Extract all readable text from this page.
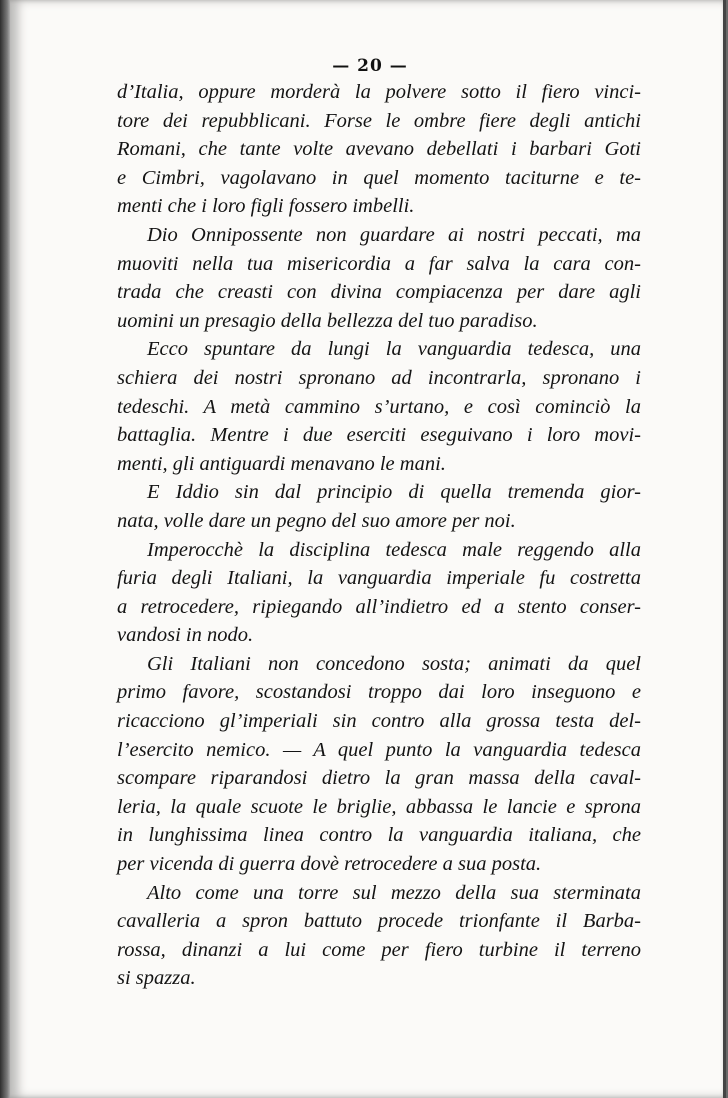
— 20 —
d’Italia, oppure morderà la polvere sotto il fiero vinci-
tore dei repubblicani. Forse le ombre fiere degli antichi
Romani, che tante volte avevano debellati i barbari Goti
e Cimbri, vagolavano in quel momento taciturne e te-
menti che i loro figli fossero imbelli.
Dio Onnipossente non guardare ai nostri peccati, ma
muoviti nella tua misericordia a far salva la cara con-
trada che creasti con divina compiacenza per dare agli
uomini un presagio della bellezza del tuo paradiso.
Ecco spuntare da lungi la vanguardia tedesca, una
schiera dei nostri spronano ad incontrarla, spronano i
tedeschi. A metà cammino s’urtano, e così cominciò la
battaglia. Mentre i due eserciti eseguivano i loro movi-
menti, gli antiguardi menavano le mani.
E Iddio sin dal principio di quella tremenda gior-
nata, volle dare un pegno del suo amore per noi.
Imperocchè la disciplina tedesca male reggendo alla
furia degli Italiani, la vanguardia imperiale fu costretta
a retrocedere, ripiegando all’indietro ed a stento conser-
vandosi in nodo.
Gli Italiani non concedono sosta; animati da quel
primo favore, scostandosi troppo dai loro inseguono e
ricacciono gl’imperiali sin contro alla grossa testa del-
l’esercito nemico. — A quel punto la vanguardia tedesca
scompare riparandosi dietro la gran massa della caval-
leria, la quale scuote le briglie, abbassa le lancie e sprona
in lunghissima linea contro la vanguardia italiana, che
per vicenda di guerra dovè retrocedere a sua posta.
Alto come una torre sul mezzo della sua sterminata
cavalleria a spron battuto procede trionfante il Barba-
rossa, dinanzi a lui come per fiero turbine il terreno
si spazza.
